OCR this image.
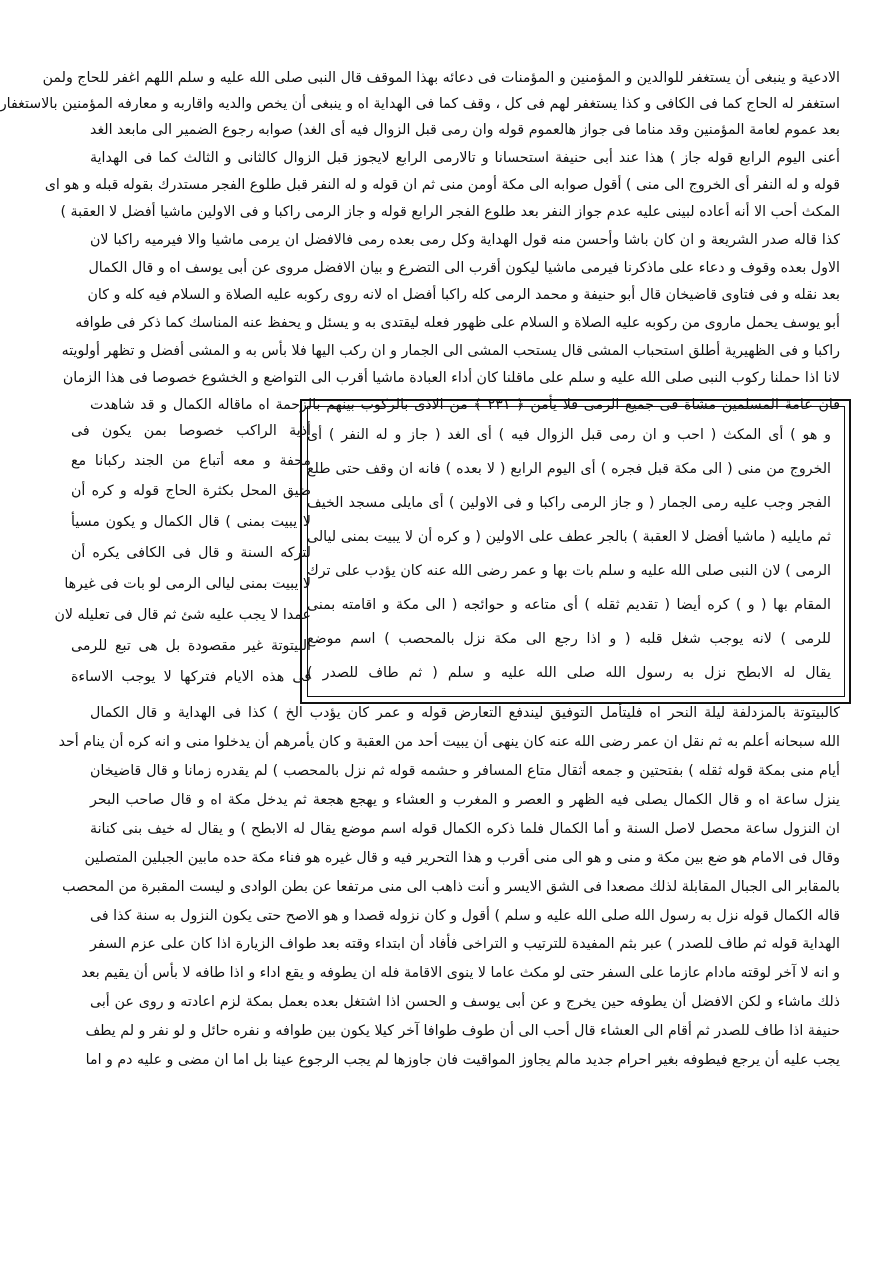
الادعية و ينبغى أن يستغفر للوالدين و المؤمنين و المؤمنات فى دعائه بهذا الموقف قال النبى صلى الله عليه و سلم اللهم اغفر للحاج ولمن
استغفر له الحاج كما فى الكافى و كذا يستغفر لهم فى كل ، وقف كما فى الهداية اه و ينبغى أن يخص والديه واقاربه و معارفه المؤمنين بالاستغفار
بعد عموم لعامة المؤمنين وقد مناما فى جواز هالعموم قوله وان رمى قبل الزوال فيه أى الغد) صوابه رجوع الضمير الى مابعد الغد
أعنى اليوم الرابع قوله جاز ) هذا عند أبى حنيفة استحسانا و تالارمى الرابع لايجوز قبل الزوال كالثانى و الثالث كما فى الهداية
قوله و له النفر أى الخروج الى منى ) أقول صوابه الى مكة أومن منى ثم ان قوله و له النفر قبل طلوع الفجر مستدرك بقوله قبله و هو اى
المكث أحب الا أنه أعاده لبينى عليه عدم جواز النفر بعد طلوع الفجر الرابع قوله و جاز الرمى راكبا و فى الاولين ماشيا أفضل لا العقبة )
كذا قاله صدر الشريعة و ان كان باشا وأحسن منه قول الهداية وكل رمى بعده رمى فالافضل ان يرمى ماشيا والا فيرميه راكبا لان
الاول بعده وقوف و دعاء على ماذكرنا فيرمى ماشيا ليكون أقرب الى التضرع و بيان الافضل مروى عن أبى يوسف اه و قال الكمال
بعد نقله و فى فتاوى قاضيخان قال أبو حنيفة و محمد الرمى كله راكبا أفضل اه لانه روى ركوبه عليه الصلاة و السلام فيه كله و كان
أبو يوسف يحمل ماروى من ركوبه عليه الصلاة و السلام على ظهور فعله ليقتدى به و يسئل و يحفظ عنه المناسك كما ذكر فى طوافه
راكبا و فى الظهيرية أطلق استحباب المشى قال يستحب المشى الى الجمار و ان ركب اليها فلا بأس به و المشى أفضل و تظهر أولويته
لانا اذا حملنا ركوب النبى صلى الله عليه و سلم على ماقلنا كان أداء العبادة ماشيا أقرب الى التواضع و الخشوع خصوصا فى هذا الزمان
فان عامة المسلمين مشاة فى جميع الرمى فلا يأمن ﴿ ٢٣١ ﴾ من الاذى بالركوب بينهم بالزحمة اه ماقاله الكمال و قد شاهدت
أذية الراكب خصوصا بمن يكون فى
محفة و معه أتباع من الجند ركبانا مع
ضيق المحل بكثرة الحاج قوله و كره أن
لا يبيت بمنى ) قال الكمال و يكون مسيأ
لتركه السنة و قال فى الكافى يكره أن
لا يبيت بمنى ليالى الرمى لو بات فى غيرها
عمدا لا يجب عليه شئ ثم قال فى تعليله لان
البيتوتة غير مقصودة بل هى تبع للرمى
فى هذه الايام فتركها لا يوجب الاساءة
و هو ) أى المكث ( احب و ان رمى قبل الزوال فيه ) أى الغد ( جاز و له النفر ) أى
الخروج من منى ( الى مكة قبل فجره ) أى اليوم الرابع ( لا بعده ) فانه ان وقف حتى طلع
الفجر وجب عليه رمى الجمار ( و جاز الرمى راكبا و فى الاولين ) أى مايلى مسجد الخيف
ثم مايليه ( ماشيا أفضل لا العقبة ) بالجر عطف على الاولين ( و كره أن لا يبيت بمنى ليالى
الرمى ) لان النبى صلى الله عليه و سلم بات بها و عمر رضى الله عنه كان يؤدب على ترك
المقام بها ( و ) كره أيضا ( تقديم ثقله ) أى متاعه و حوائجه ( الى مكة و اقامته بمنى
للرمى ) لانه يوجب شغل قلبه ( و اذا رجع الى مكة نزل بالمحصب ) اسم موضع
يقال له الابطح نزل به رسول الله صلى الله عليه و سلم ( ثم طاف للصدر )
كالبيتوتة بالمزدلفة ليلة النحر اه فليتأمل التوفيق ليندفع التعارض قوله و عمر كان يؤدب الخ ) كذا فى الهداية و قال الكمال
الله سبحانه أعلم به ثم نقل ان عمر رضى الله عنه كان ينهى أن يبيت أحد من العقبة و كان يأمرهم أن يدخلوا منى و انه كره أن ينام أحد
أيام منى بمكة قوله ثقله ) بفتحتين و جمعه أثقال متاع المسافر و حشمه قوله ثم نزل بالمحصب ) لم يقدره زمانا و قال قاضيخان
ينزل ساعة اه و قال الكمال يصلى فيه الظهر و العصر و المغرب و العشاء و يهجع هجعة ثم يدخل مكة اه و قال صاحب البحر
ان النزول ساعة محصل لاصل السنة و أما الكمال فلما ذكره الكمال قوله اسم موضع يقال له الابطح ) و يقال له خيف بنى كنانة
وقال فى الامام هو ضع بين مكة و منى و هو الى منى أقرب و هذا التحرير فيه و قال غيره هو فناء مكة حده مابين الجبلين المتصلين
بالمقابر الى الجبال المقابلة لذلك مصعدا فى الشق الايسر و أنت ذاهب الى منى مرتفعا عن بطن الوادى و ليست المقبرة من المحصب
قاله الكمال قوله نزل به رسول الله صلى الله عليه و سلم ) أقول و كان نزوله قصدا و هو الاصح حتى يكون النزول به سنة كذا فى
الهداية قوله ثم طاف للصدر ) عبر بثم المفيدة للترتيب و التراخى فأفاد أن ابتداء وقته بعد طواف الزيارة اذا كان على عزم السفر
و انه لا آخر لوقته مادام عازما على السفر حتى لو مكث عاما لا ينوى الاقامة فله ان يطوفه و يقع اداء و اذا طافه لا بأس أن يقيم بعد
ذلك ماشاء و لكن الافضل أن يطوفه حين يخرج و عن أبى يوسف و الحسن اذا اشتغل بعده بعمل بمكة لزم اعادته و روى عن أبى
حنيفة اذا طاف للصدر ثم أقام الى العشاء قال أحب الى أن طوف طوافا آخر كيلا يكون بين طوافه و نفره حائل و لو نفر و لم يطف
يجب عليه أن يرجع فيطوفه بغير احرام جديد مالم يجاوز المواقيت فان جاوزها لم يجب الرجوع عينا بل اما ان مضى و عليه دم و اما
